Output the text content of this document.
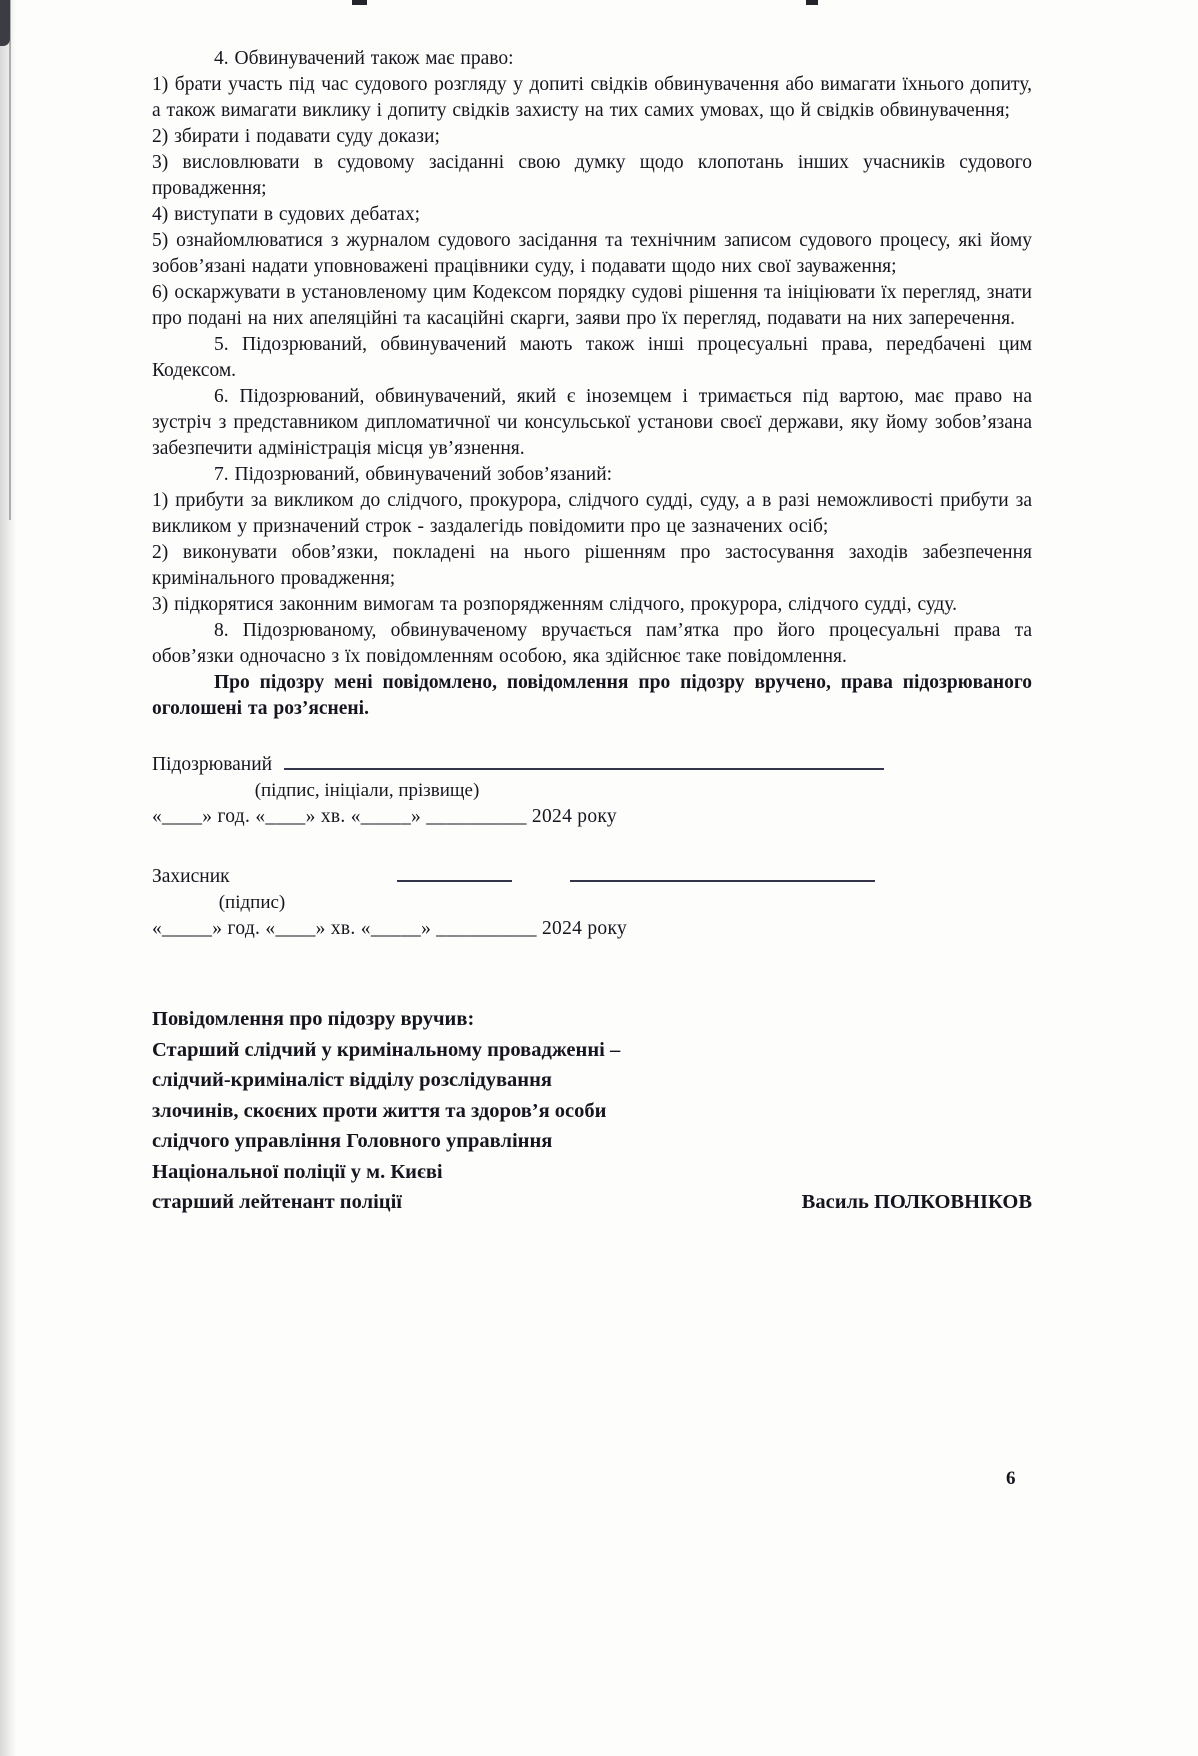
4. Обвинувачений також має право:

1) брати участь під час судового розгляду у допиті свідків обвинувачення або вимагати їхнього допиту, а також вимагати виклику і допиту свідків захисту на тих самих умовах, що й свідків обвинувачення;

2) збирати і подавати суду докази;

3) висловлювати в судовому засіданні свою думку щодо клопотань інших учасників судового провадження;

4) виступати в судових дебатах;

5) ознайомлюватися з журналом судового засідання та технічним записом судового процесу, які йому зобов’язані надати уповноважені працівники суду, і подавати щодо них свої зауваження;

6) оскаржувати в установленому цим Кодексом порядку судові рішення та ініціювати їх перегляд, знати про подані на них апеляційні та касаційні скарги, заяви про їх перегляд, подавати на них заперечення.

5. Підозрюваний, обвинувачений мають також інші процесуальні права, передбачені цим Кодексом.

6. Підозрюваний, обвинувачений, який є іноземцем і тримається під вартою, має право на зустріч з представником дипломатичної чи консульської установи своєї держави, яку йому зобов’язана забезпечити адміністрація місця ув’язнення.

7. Підозрюваний, обвинувачений зобов’язаний:

1) прибути за викликом до слідчого, прокурора, слідчого судді, суду, а в разі неможливості прибути за викликом у призначений строк - заздалегідь повідомити про це зазначених осіб;

2) виконувати обов’язки, покладені на нього рішенням про застосування заходів забезпечення кримінального провадження;

3) підкорятися законним вимогам та розпорядженням слідчого, прокурора, слідчого судді, суду.

8. Підозрюваному, обвинуваченому вручається пам’ятка про його процесуальні права та обов’язки одночасно з їх повідомленням особою, яка здійснює таке повідомлення.

Про підозру мені повідомлено, повідомлення про підозру вручено, права підозрюваного оголошені та роз’яснені.

Підозрюваний

(підпис, ініціали, прізвище)

«____» год. «____» хв. «_____» __________ 2024 року

Захисник

(підпис)

«_____» год. «____» хв. «_____» __________ 2024 року

Повідомлення про підозру вручив:

Старший слідчий у кримінальному провадженні –

слідчий-криміналіст відділу розслідування

злочинів, скоєних проти життя та здоров’я особи

слідчого управління Головного управління

Національної поліції у м. Києві

старший лейтенант поліції	Василь ПОЛКОВНІКОВ
6
